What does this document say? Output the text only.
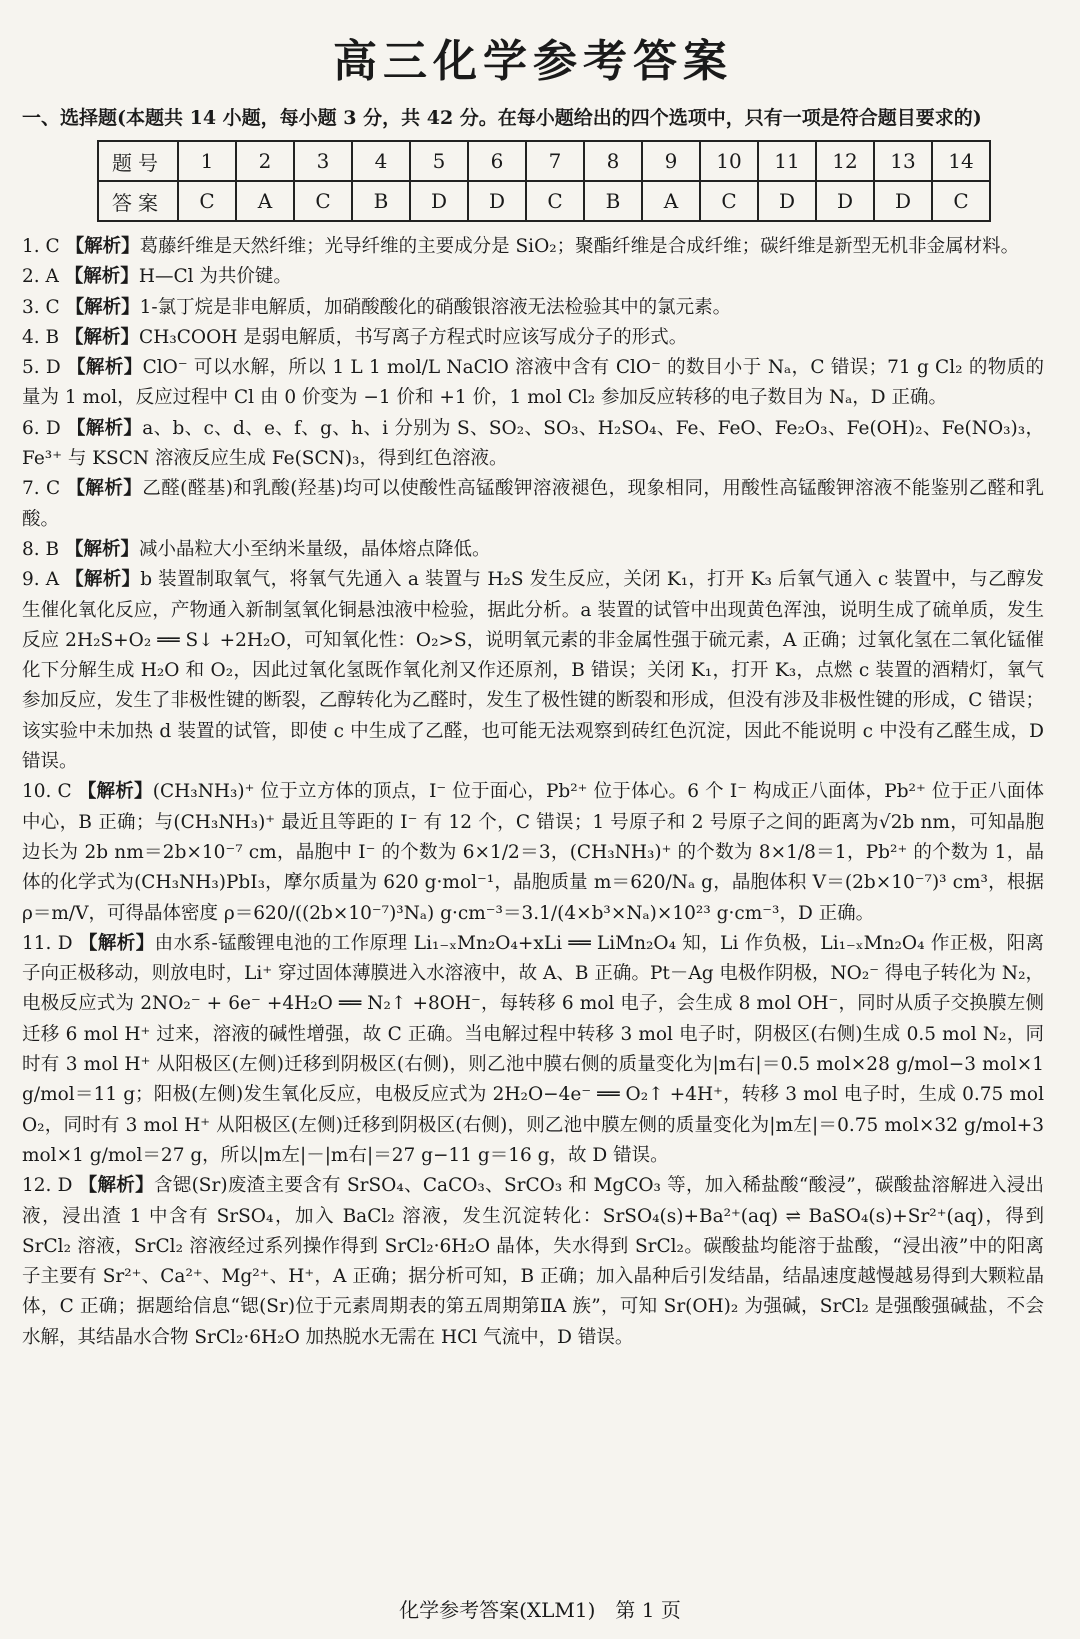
高三化学参考答案
一、选择题(本题共 14 小题，每小题 3 分，共 42 分。在每小题给出的四个选项中，只有一项是符合题目要求的)
题号	1	2	3	4	5	6	7	8	9	10	11	12	13	14
答案	C	A	C	B	D	D	C	B	A	C	D	D	D	C
1. C 【解析】葛藤纤维是天然纤维；光导纤维的主要成分是 SiO₂；聚酯纤维是合成纤维；碳纤维是新型无机非金属材料。
2. A 【解析】H—Cl 为共价键。
3. C 【解析】1-氯丁烷是非电解质，加硝酸酸化的硝酸银溶液无法检验其中的氯元素。
4. B 【解析】CH₃COOH 是弱电解质，书写离子方程式时应该写成分子的形式。
5. D 【解析】ClO⁻ 可以水解，所以 1 L 1 mol/L NaClO 溶液中含有 ClO⁻ 的数目小于 Nₐ，C 错误；71 g Cl₂ 的物质的量为 1 mol，反应过程中 Cl 由 0 价变为 −1 价和 +1 价，1 mol Cl₂ 参加反应转移的电子数目为 Nₐ，D 正确。
6. D 【解析】a、b、c、d、e、f、g、h、i 分别为 S、SO₂、SO₃、H₂SO₄、Fe、FeO、Fe₂O₃、Fe(OH)₂、Fe(NO₃)₃，Fe³⁺ 与 KSCN 溶液反应生成 Fe(SCN)₃，得到红色溶液。
7. C 【解析】乙醛(醛基)和乳酸(羟基)均可以使酸性高锰酸钾溶液褪色，现象相同，用酸性高锰酸钾溶液不能鉴别乙醛和乳酸。
8. B 【解析】减小晶粒大小至纳米量级，晶体熔点降低。
9. A 【解析】b 装置制取氧气，将氧气先通入 a 装置与 H₂S 发生反应，关闭 K₁，打开 K₃ 后氧气通入 c 装置中，与乙醇发生催化氧化反应，产物通入新制氢氧化铜悬浊液中检验，据此分析。a 装置的试管中出现黄色浑浊，说明生成了硫单质，发生反应 2H₂S+O₂ ══ S↓ +2H₂O，可知氧化性：O₂>S，说明氧元素的非金属性强于硫元素，A 正确；过氧化氢在二氧化锰催化下分解生成 H₂O 和 O₂，因此过氧化氢既作氧化剂又作还原剂，B 错误；关闭 K₁，打开 K₃，点燃 c 装置的酒精灯，氧气参加反应，发生了非极性键的断裂，乙醇转化为乙醛时，发生了极性键的断裂和形成，但没有涉及非极性键的形成，C 错误；该实验中未加热 d 装置的试管，即使 c 中生成了乙醛，也可能无法观察到砖红色沉淀，因此不能说明 c 中没有乙醛生成，D 错误。
10. C 【解析】(CH₃NH₃)⁺ 位于立方体的顶点，I⁻ 位于面心，Pb²⁺ 位于体心。6 个 I⁻ 构成正八面体，Pb²⁺ 位于正八面体中心，B 正确；与(CH₃NH₃)⁺ 最近且等距的 I⁻ 有 12 个，C 错误；1 号原子和 2 号原子之间的距离为√2b nm，可知晶胞边长为 2b nm＝2b×10⁻⁷ cm，晶胞中 I⁻ 的个数为 6×1/2＝3，(CH₃NH₃)⁺ 的个数为 8×1/8＝1，Pb²⁺ 的个数为 1，晶体的化学式为(CH₃NH₃)PbI₃，摩尔质量为 620 g·mol⁻¹，晶胞质量 m＝620/Nₐ g，晶胞体积 V＝(2b×10⁻⁷)³ cm³，根据 ρ＝m/V，可得晶体密度 ρ＝620/((2b×10⁻⁷)³Nₐ) g·cm⁻³＝3.1/(4×b³×Nₐ)×10²³ g·cm⁻³，D 正确。
11. D 【解析】由水系-锰酸锂电池的工作原理 Li₁₋ₓMn₂O₄+xLi ══ LiMn₂O₄ 知，Li 作负极，Li₁₋ₓMn₂O₄ 作正极，阳离子向正极移动，则放电时，Li⁺ 穿过固体薄膜进入水溶液中，故 A、B 正确。Pt－Ag 电极作阴极，NO₂⁻ 得电子转化为 N₂，电极反应式为 2NO₂⁻ + 6e⁻ +4H₂O ══ N₂↑ +8OH⁻，每转移 6 mol 电子，会生成 8 mol OH⁻，同时从质子交换膜左侧迁移 6 mol H⁺ 过来，溶液的碱性增强，故 C 正确。当电解过程中转移 3 mol 电子时，阴极区(右侧)生成 0.5 mol N₂，同时有 3 mol H⁺ 从阳极区(左侧)迁移到阴极区(右侧)，则乙池中膜右侧的质量变化为|m右|＝0.5 mol×28 g/mol−3 mol×1 g/mol＝11 g；阳极(左侧)发生氧化反应，电极反应式为 2H₂O−4e⁻ ══ O₂↑ +4H⁺，转移 3 mol 电子时，生成 0.75 mol O₂，同时有 3 mol H⁺ 从阳极区(左侧)迁移到阴极区(右侧)，则乙池中膜左侧的质量变化为|m左|＝0.75 mol×32 g/mol+3 mol×1 g/mol＝27 g，所以|m左|－|m右|＝27 g−11 g＝16 g，故 D 错误。
12. D 【解析】含锶(Sr)废渣主要含有 SrSO₄、CaCO₃、SrCO₃ 和 MgCO₃ 等，加入稀盐酸“酸浸”，碳酸盐溶解进入浸出液，浸出渣 1 中含有 SrSO₄，加入 BaCl₂ 溶液，发生沉淀转化：SrSO₄(s)+Ba²⁺(aq) ⇌ BaSO₄(s)+Sr²⁺(aq)，得到 SrCl₂ 溶液，SrCl₂ 溶液经过系列操作得到 SrCl₂·6H₂O 晶体，失水得到 SrCl₂。碳酸盐均能溶于盐酸，“浸出液”中的阳离子主要有 Sr²⁺、Ca²⁺、Mg²⁺、H⁺，A 正确；据分析可知，B 正确；加入晶种后引发结晶，结晶速度越慢越易得到大颗粒晶体，C 正确；据题给信息“锶(Sr)位于元素周期表的第五周期第ⅡA 族”，可知 Sr(OH)₂ 为强碱，SrCl₂ 是强酸强碱盐，不会水解，其结晶水合物 SrCl₂·6H₂O 加热脱水无需在 HCl 气流中，D 错误。
化学参考答案(XLM1)　第 1 页
